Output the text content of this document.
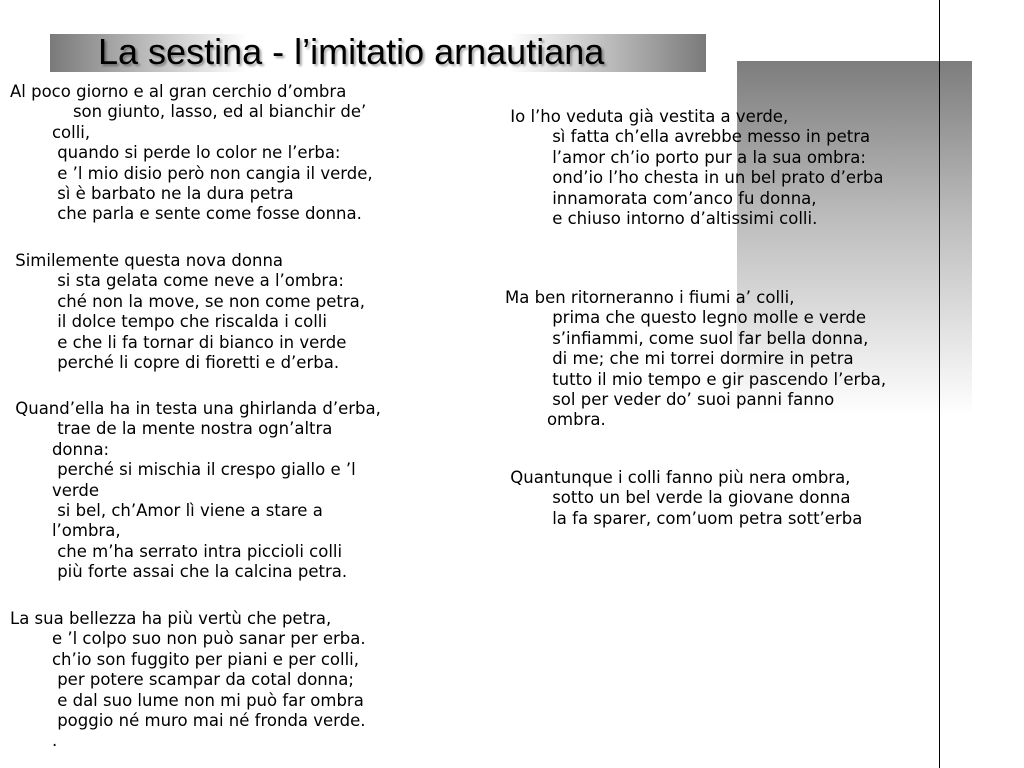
La sestina - l’imitatio arnautiana
Al poco giorno e al gran cerchio d’ombra
son giunto, lasso, ed al bianchir de’
colli,
quando si perde lo color ne l’erba:
e ’l mio disio però non cangia il verde,
sì è barbato ne la dura petra
che parla e sente come fosse donna.
Similemente questa nova donna
si sta gelata come neve a l’ombra:
ché non la move, se non come petra,
il dolce tempo che riscalda i colli
e che li fa tornar di bianco in verde
perché li copre di fioretti e d’erba.
Quand’ella ha in testa una ghirlanda d’erba,
trae de la mente nostra ogn’altra
donna:
perché si mischia il crespo giallo e ’l
verde
si bel, ch’Amor lì viene a stare a
l’ombra,
che m’ha serrato intra piccioli colli
più forte assai che la calcina petra.
La sua bellezza ha più vertù che petra,
e ’l colpo suo non può sanar per erba.
ch’io son fuggito per piani e per colli,
per potere scampar da cotal donna;
e dal suo lume non mi può far ombra
poggio né muro mai né fronda verde.
.
Io l’ho veduta già vestita a verde,
sì fatta ch’ella avrebbe messo in petra
l’amor ch’io porto pur a la sua ombra:
ond’io l’ho chesta in un bel prato d’erba
innamorata com’anco fu donna,
e chiuso intorno d’altissimi colli.
Ma ben ritorneranno i fiumi a’ colli,
prima che questo legno molle e verde
s’infiammi, come suol far bella donna,
di me; che mi torrei dormire in petra
tutto il mio tempo e gir pascendo l’erba,
sol per veder do’ suoi panni fanno
ombra.
Quantunque i colli fanno più nera ombra,
sotto un bel verde la giovane donna
la fa sparer, com’uom petra sott’erba
